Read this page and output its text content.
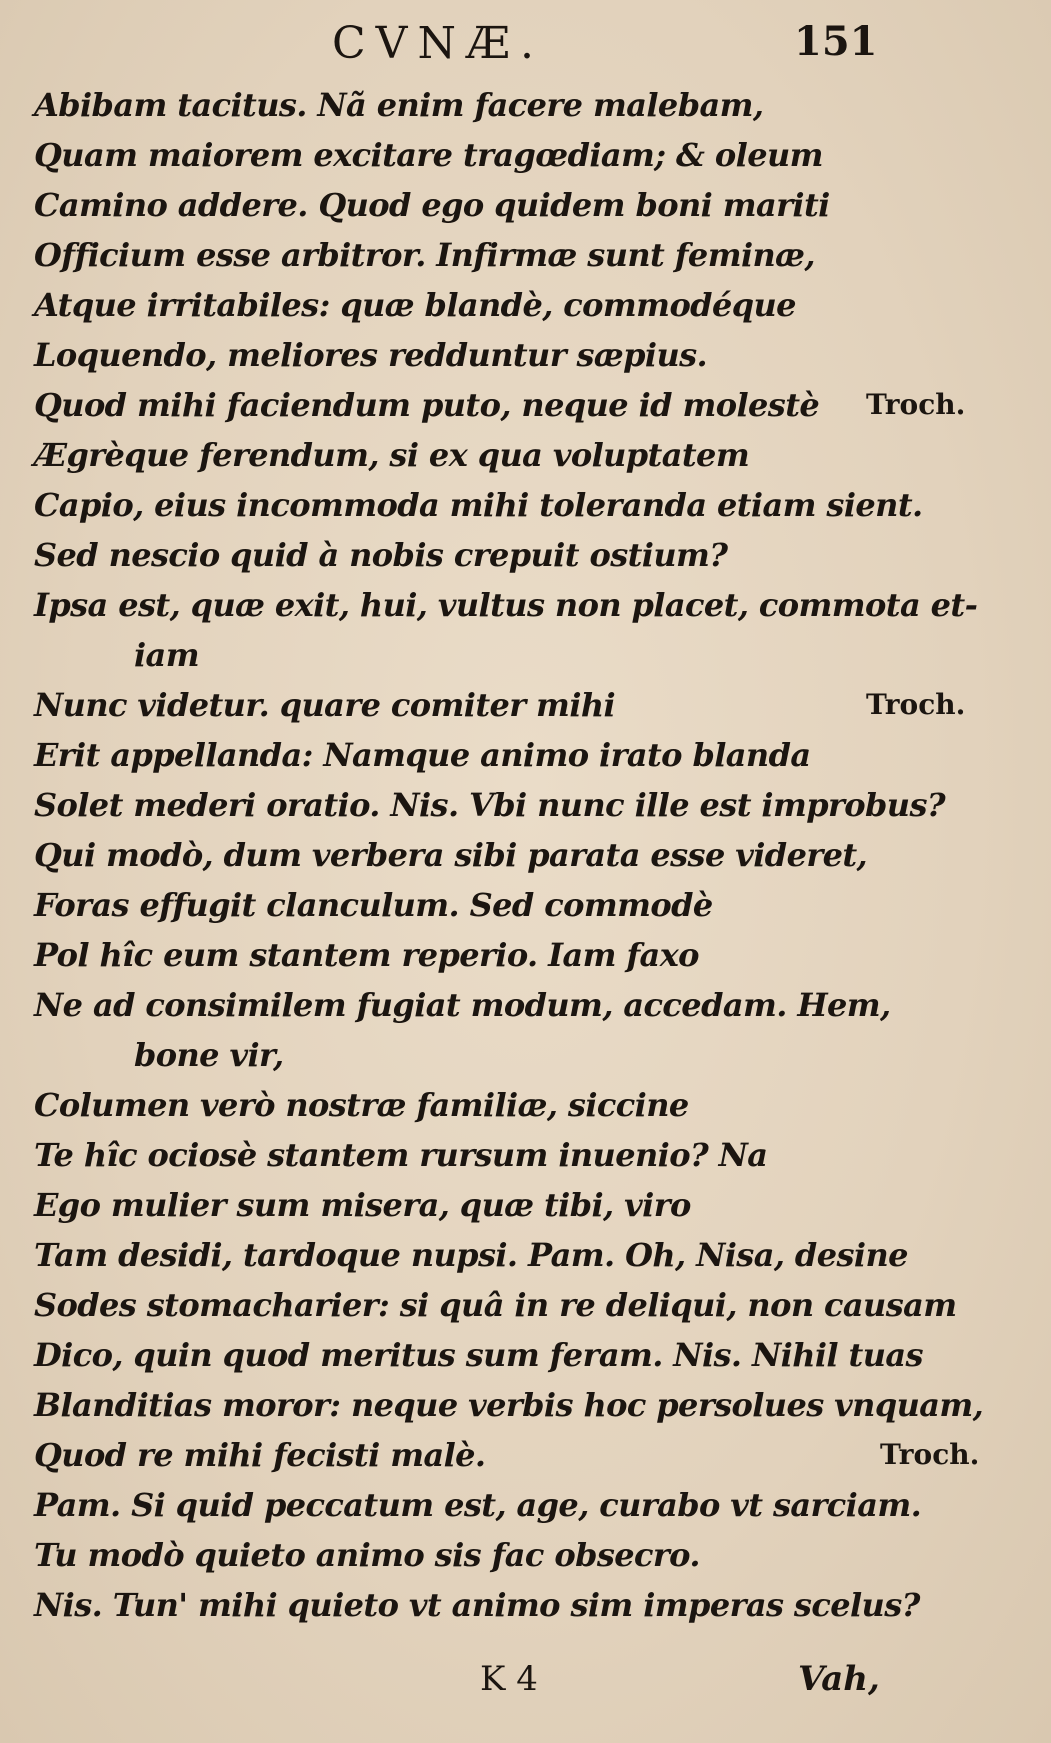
CVNÆ.	151
Abibam tacitus. Nã enim facere malebam,
Quam maiorem excitare tragœdiam; & oleum
Camino addere. Quod ego quidem boni mariti
Officium esse arbitror. Infirmæ sunt feminæ,
Atque irritabiles: quæ blandè, commodéque
Loquendo, meliores redduntur sæpius.
Quod mihi faciendum puto, neque id molestè Troch.
Ægrèque ferendum, si ex qua voluptatem
Capio, eius incommoda mihi toleranda etiam sient.
Sed nescio quid à nobis crepuit ostium?
Ipsa est, quæ exit, hui, vultus non placet, commota et-
iam
Nunc videtur. quare comiter mihi	Troch.
Erit appellanda: Namque animo irato blanda
Solet mederi oratio. Nis. Vbi nunc ille est improbus?
Qui modò, dum verbera sibi parata esse videret,
Foras effugit clanculum. Sed commodè
Pol hîc eum stantem reperio. Iam faxo
Ne ad consimilem fugiat modum, accedam. Hem,
bone vir,
Columen verò nostræ familiæ, siccine
Te hîc ociosè stantem rursum inuenio? Na
Ego mulier sum misera, quæ tibi, viro
Tam desidi, tardoque nupsi. Pam. Oh, Nisa, desine
Sodes stomacharier: si quâ in re deliqui, non causam
Dico, quin quod meritus sum feram. Nis. Nihil tuas
Blanditias moror: neque verbis hoc persolues vnquam,
Quod re mihi fecisti malè.	Troch.
Pam. Si quid peccatum est, age, curabo vt sarciam.
Tu modò quieto animo sis fac obsecro.
Nis. Tun' mihi quieto vt animo sim imperas scelus?
K 4	Vah,
